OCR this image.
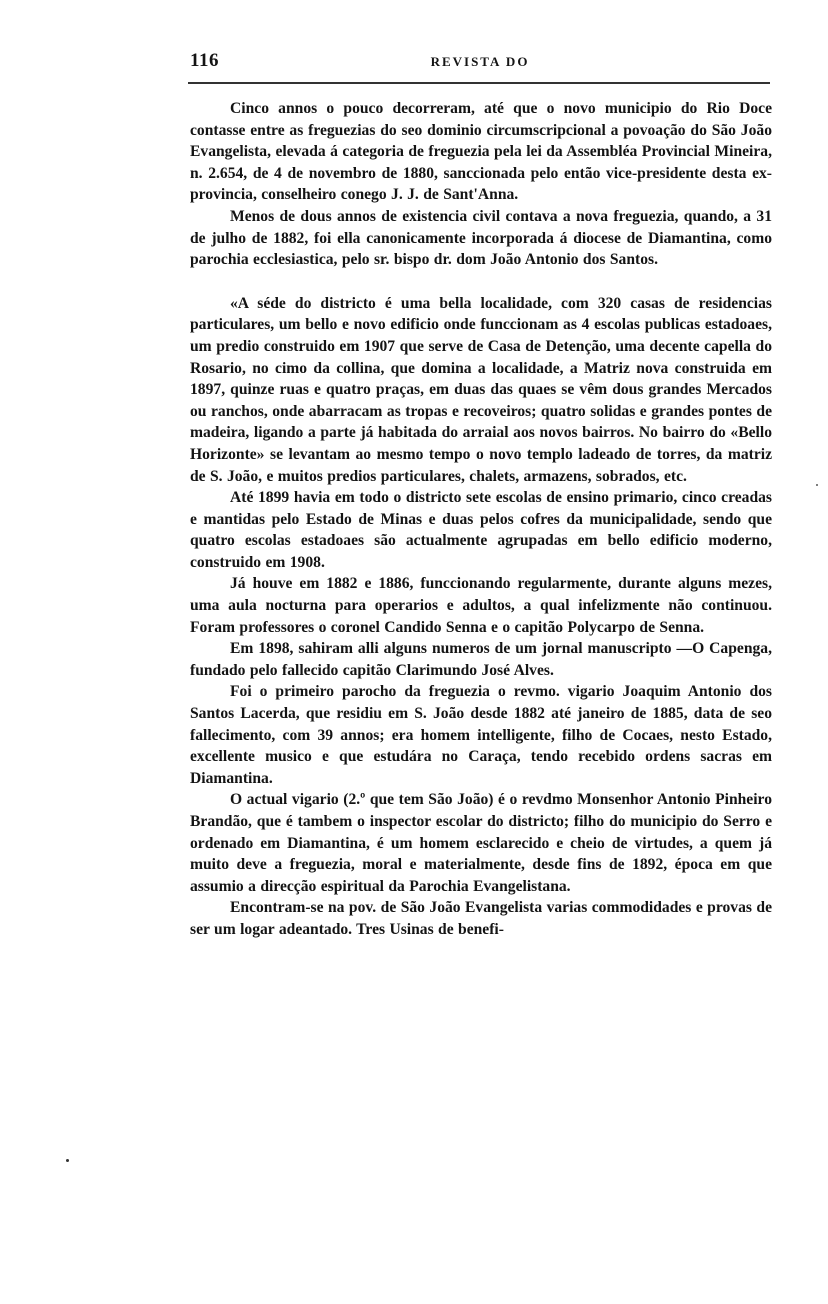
116	REVISTA DO

Cinco annos o pouco decorreram, até que o novo municipio do Rio Doce contasse entre as freguezias do seo dominio circumscripcional a povoação do São João Evangelista, elevada á categoria de freguezia pela lei da Assembléa Provincial Mineira, n. 2.654, de 4 de novembro de 1880, sanccionada pelo então vice-presidente desta ex-provincia, conselheiro conego J. J. de Sant'Anna.

Menos de dous annos de existencia civil contava a nova freguezia, quando, a 31 de julho de 1882, foi ella canonicamente incorporada á diocese de Diamantina, como parochia ecclesiastica, pelo sr. bispo dr. dom João Antonio dos Santos.

«A séde do districto é uma bella localidade, com 320 casas de residencias particulares, um bello e novo edificio onde funccionam as 4 escolas publicas estadoaes, um predio construido em 1907 que serve de Casa de Detenção, uma decente capella do Rosario, no cimo da collina, que domina a localidade, a Matriz nova construida em 1897, quinze ruas e quatro praças, em duas das quaes se vêm dous grandes Mercados ou ranchos, onde abarracam as tropas e recoveiros; quatro solidas e grandes pontes de madeira, ligando a parte já habitada do arraial aos novos bairros. No bairro do «Bello Horizonte» se levantam ao mesmo tempo o novo templo ladeado de torres, da matriz de S. João, e muitos predios particulares, chalets, armazens, sobrados, etc.

Até 1899 havia em todo o districto sete escolas de ensino primario, cinco creadas e mantidas pelo Estado de Minas e duas pelos cofres da municipalidade, sendo que quatro escolas estadoaes são actualmente agrupadas em bello edificio moderno, construido em 1908.

Já houve em 1882 e 1886, funccionando regularmente, durante alguns mezes, uma aula nocturna para operarios e adultos, a qual infelizmente não continuou. Foram professores o coronel Candido Senna e o capitão Polycarpo de Senna.

Em 1898, sahiram alli alguns numeros de um jornal manuscripto —O Capenga, fundado pelo fallecido capitão Clarimundo José Alves.

Foi o primeiro parocho da freguezia o revmo. vigario Joaquim Antonio dos Santos Lacerda, que residiu em S. João desde 1882 até janeiro de 1885, data de seo fallecimento, com 39 annos; era homem intelligente, filho de Cocaes, nesto Estado, excellente musico e que estudára no Caraça, tendo recebido ordens sacras em Diamantina.

O actual vigario (2.º que tem São João) é o revdmo Monsenhor Antonio Pinheiro Brandão, que é tambem o inspector escolar do districto; filho do municipio do Serro e ordenado em Diamantina, é um homem esclarecido e cheio de virtudes, a quem já muito deve a freguezia, moral e materialmente, desde fins de 1892, época em que assumio a direcção espiritual da Parochia Evangelistana.

Encontram-se na pov. de São João Evangelista varias commodidades e provas de ser um logar adeantado. Tres Usinas de benefi-
